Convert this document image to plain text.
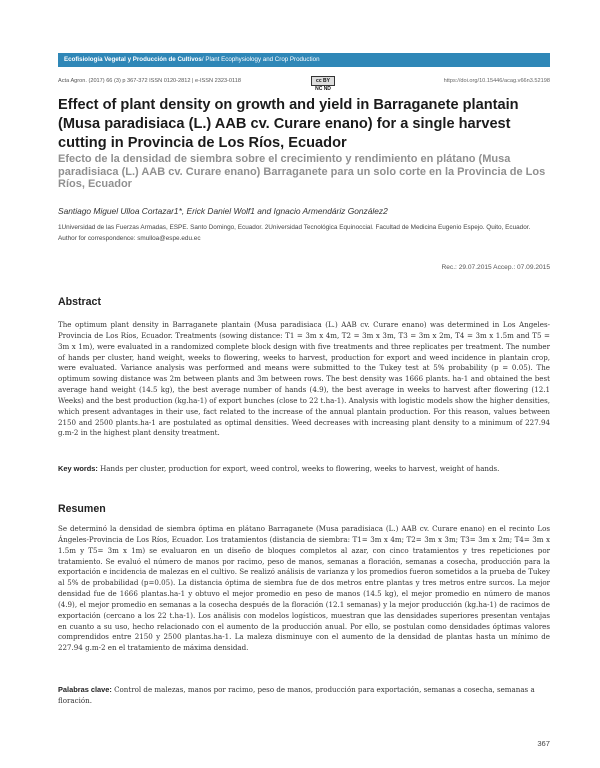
Ecofisiología Vegetal y Producción de Cultivos/ Plant Ecophysiology and Crop Production
Acta Agron. (2017) 66 (3) p 367-372 ISSN 0120-2812 | e-ISSN 2323-0118	cc BY NC ND
https://doi.org/10.15446/acag.v66n3.52198
Effect of plant density on growth and yield in Barraganete plantain (Musa paradisiaca (L.) AAB cv. Curare enano) for a single harvest cutting in Provincia de Los Ríos, Ecuador
Efecto de la densidad de siembra sobre el crecimiento y rendimiento en plátano (Musa paradisiaca (L.) AAB cv. Curare enano) Barraganete para un solo corte en la Provincia de Los Ríos, Ecuador
Santiago Miguel Ulloa Cortazar1*, Erick Daniel Wolf1 and Ignacio Armendáriz González2
1Universidad de las Fuerzas Armadas, ESPE. Santo Domingo, Ecuador. 2Universidad Tecnológica Equinoccial. Facultad de Medicina Eugenio Espejo. Quito, Ecuador. Author for correspondence: smulloa@espe.edu.ec
Rec.: 29.07.2015 Accep.: 07.09.2015
Abstract
The optimum plant density in Barraganete plantain (Musa paradisiaca (L.) AAB cv. Curare enano) was determined in Los Angeles-Provincia de Los Ríos, Ecuador. Treatments (sowing distance: T1 = 3m x 4m, T2 = 3m x 3m, T3 = 3m x 2m, T4 = 3m x 1.5m and T5 = 3m x 1m), were evaluated in a randomized complete block design with five treatments and three replicates per treatment. The number of hands per cluster, hand weight, weeks to flowering, weeks to harvest, production for export and weed incidence in plantain crop, were evaluated. Variance analysis was performed and means were submitted to the Tukey test at 5% probability (p = 0.05). The optimum sowing distance was 2m between plants and 3m between rows. The best density was 1666 plants. ha-1 and obtained the best average hand weight (14.5 kg), the best average number of hands (4.9), the best average in weeks to harvest after flowering (12.1 Weeks) and the best production (kg.ha-1) of export bunches (close to 22 t.ha-1). Analysis with logistic models show the higher densities, which present advantages in their use, fact related to the increase of the annual plantain production. For this reason, values between 2150 and 2500 plants.ha-1 are postulated as optimal densities. Weed decreases with increasing plant density to a minimum of 227.94 g.m-2 in the highest plant density treatment.
Key words: Hands per cluster, production for export, weed control, weeks to flowering, weeks to harvest, weight of hands.
Resumen
Se determinó la densidad de siembra óptima en plátano Barraganete (Musa paradisiaca (L.) AAB cv. Curare enano) en el recinto Los Ángeles-Provincia de Los Ríos, Ecuador. Los tratamientos (distancia de siembra: T1= 3m x 4m; T2= 3m x 3m; T3= 3m x 2m; T4= 3m x 1.5m y T5= 3m x 1m) se evaluaron en un diseño de bloques completos al azar, con cinco tratamientos y tres repeticiones por tratamiento. Se evaluó el número de manos por racimo, peso de manos, semanas a floración, semanas a cosecha, producción para la exportación e incidencia de malezas en el cultivo. Se realizó análisis de varianza y los promedios fueron sometidos a la prueba de Tukey al 5% de probabilidad (p=0.05). La distancia óptima de siembra fue de dos metros entre plantas y tres metros entre surcos. La mejor densidad fue de 1666 plantas.ha-1 y obtuvo el mejor promedio en peso de manos (14.5 kg), el mejor promedio en número de manos (4.9), el mejor promedio en semanas a la cosecha después de la floración (12.1 semanas) y la mejor producción (kg.ha-1) de racimos de exportación (cercano a los 22 t.ha-1). Los análisis con modelos logísticos, muestran que las densidades superiores presentan ventajas en cuanto a su uso, hecho relacionado con el aumento de la producción anual. Por ello, se postulan como densidades óptimas valores comprendidos entre 2150 y 2500 plantas.ha-1. La maleza disminuye con el aumento de la densidad de plantas hasta un mínimo de 227.94 g.m-2 en el tratamiento de máxima densidad.
Palabras clave: Control de malezas, manos por racimo, peso de manos, producción para exportación, semanas a cosecha, semanas a floración.
367
